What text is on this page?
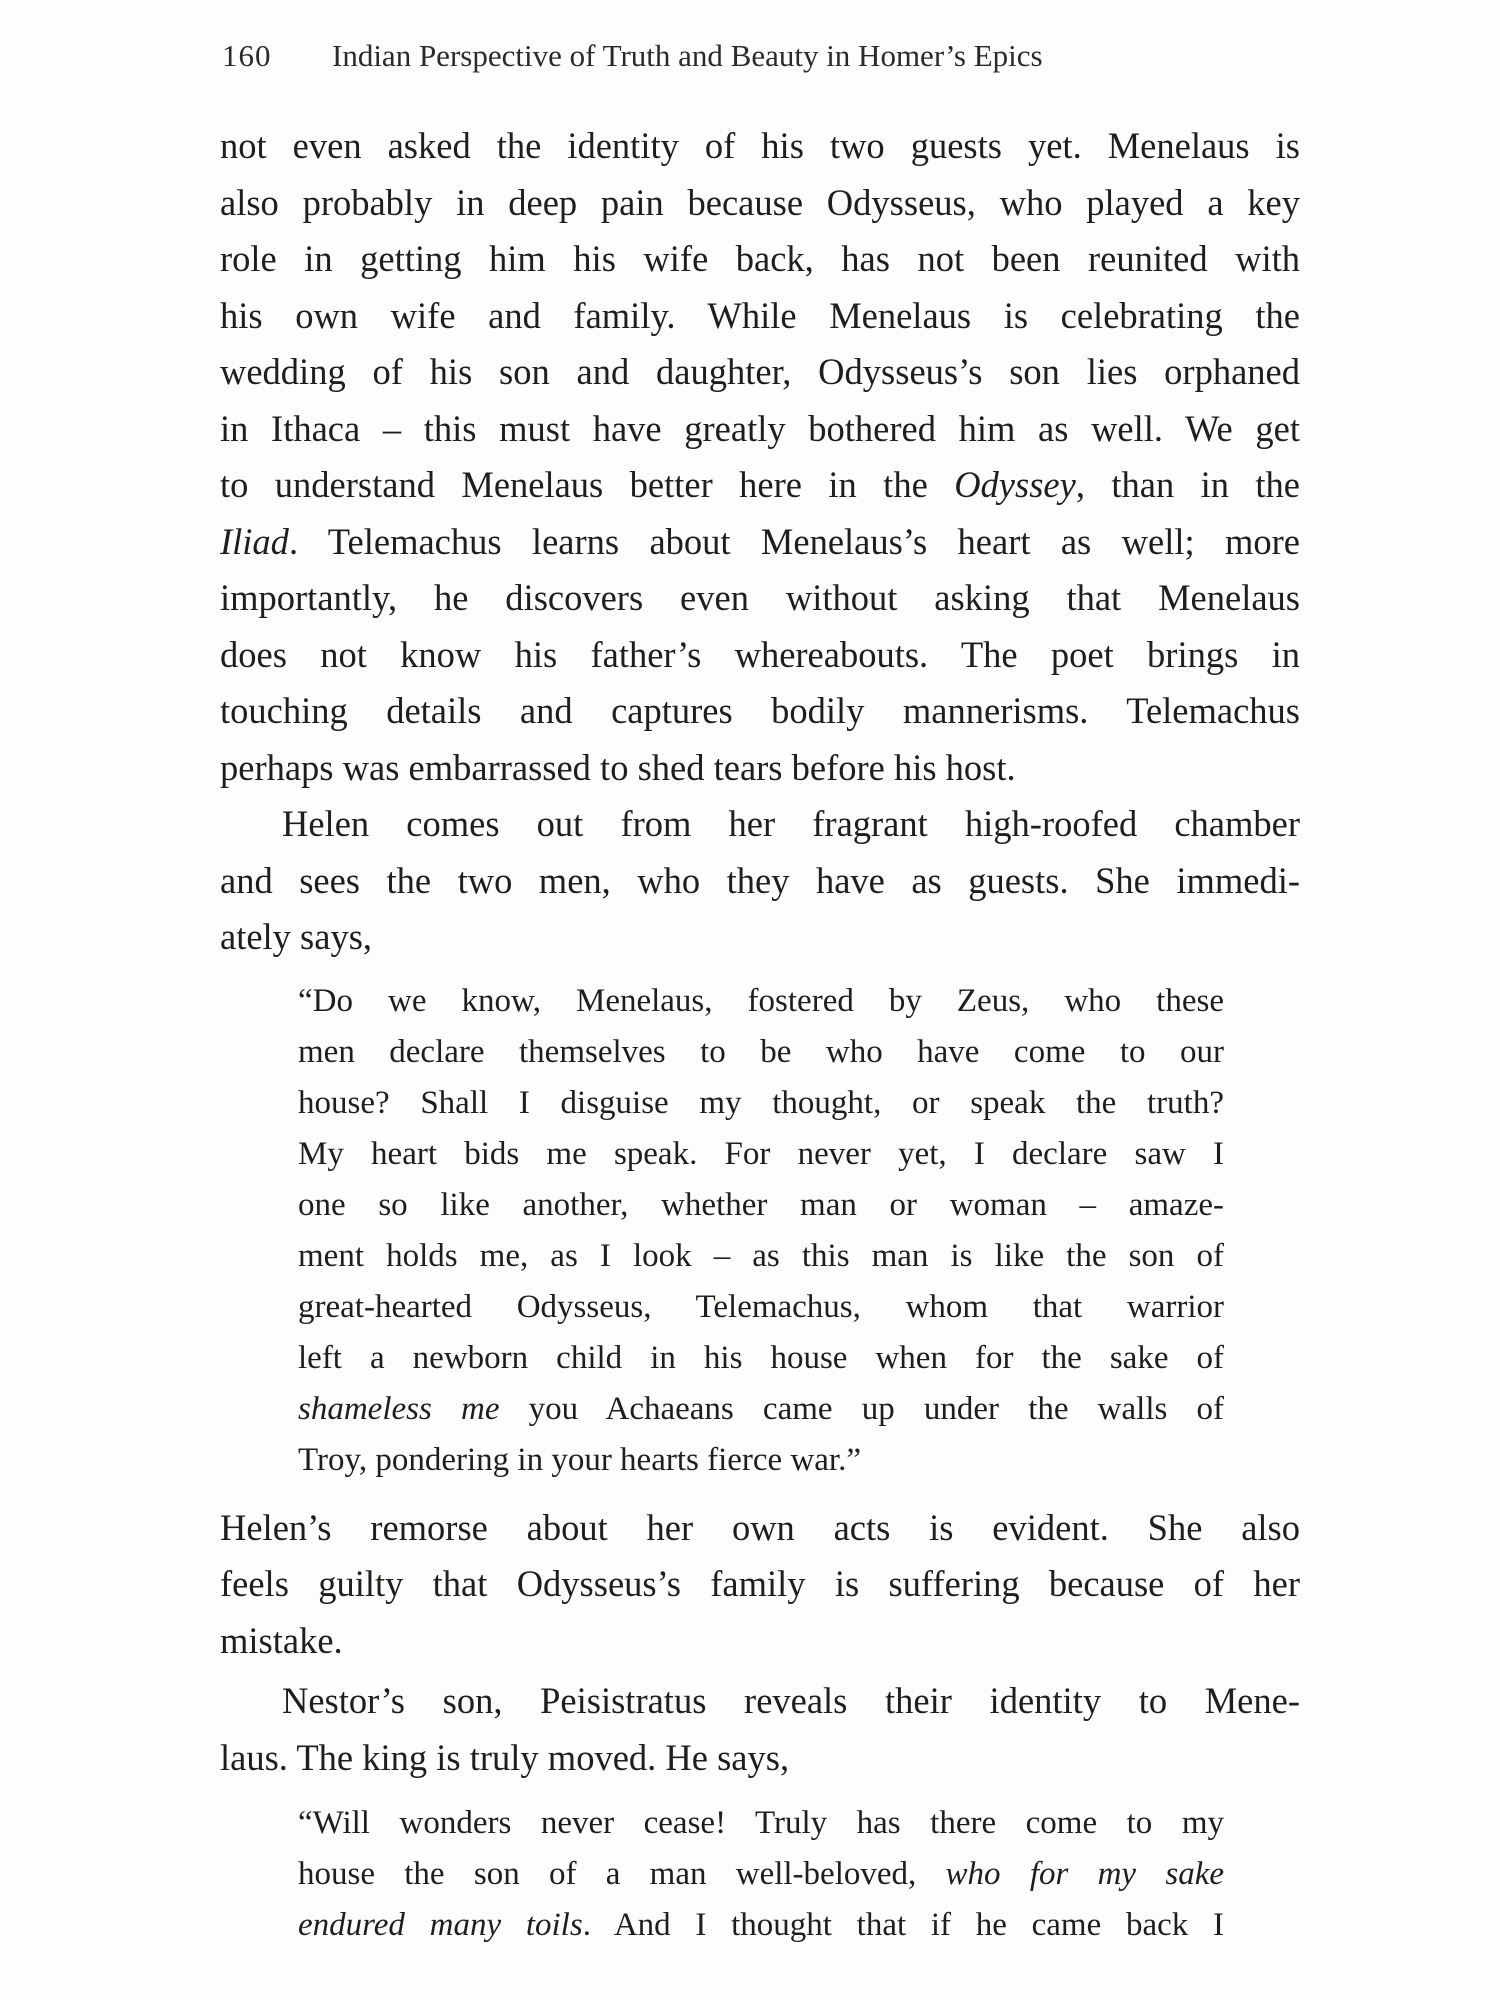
160 Indian Perspective of Truth and Beauty in Homer’s Epics
not even asked the identity of his two guests yet. Menelaus is
also probably in deep pain because Odysseus, who played a key
role in getting him his wife back, has not been reunited with
his own wife and family. While Menelaus is celebrating the
wedding of his son and daughter, Odysseus’s son lies orphaned
in Ithaca – this must have greatly bothered him as well. We get
to understand Menelaus better here in the Odyssey, than in the
Iliad. Telemachus learns about Menelaus’s heart as well; more
importantly, he discovers even without asking that Menelaus
does not know his father’s whereabouts. The poet brings in
touching details and captures bodily mannerisms. Telemachus
perhaps was embarrassed to shed tears before his host.
Helen comes out from her fragrant high-roofed chamber
and sees the two men, who they have as guests. She immedi-
ately says,
“Do we know, Menelaus, fostered by Zeus, who these
men declare themselves to be who have come to our
house? Shall I disguise my thought, or speak the truth?
My heart bids me speak. For never yet, I declare saw I
one so like another, whether man or woman – amaze-
ment holds me, as I look – as this man is like the son of
great-hearted Odysseus, Telemachus, whom that warrior
left a newborn child in his house when for the sake of
shameless me you Achaeans came up under the walls of
Troy, pondering in your hearts fierce war.”
Helen’s remorse about her own acts is evident. She also
feels guilty that Odysseus’s family is suffering because of her
mistake.
Nestor’s son, Peisistratus reveals their identity to Mene-
laus. The king is truly moved. He says,
“Will wonders never cease! Truly has there come to my
house the son of a man well-beloved, who for my sake
endured many toils. And I thought that if he came back I
